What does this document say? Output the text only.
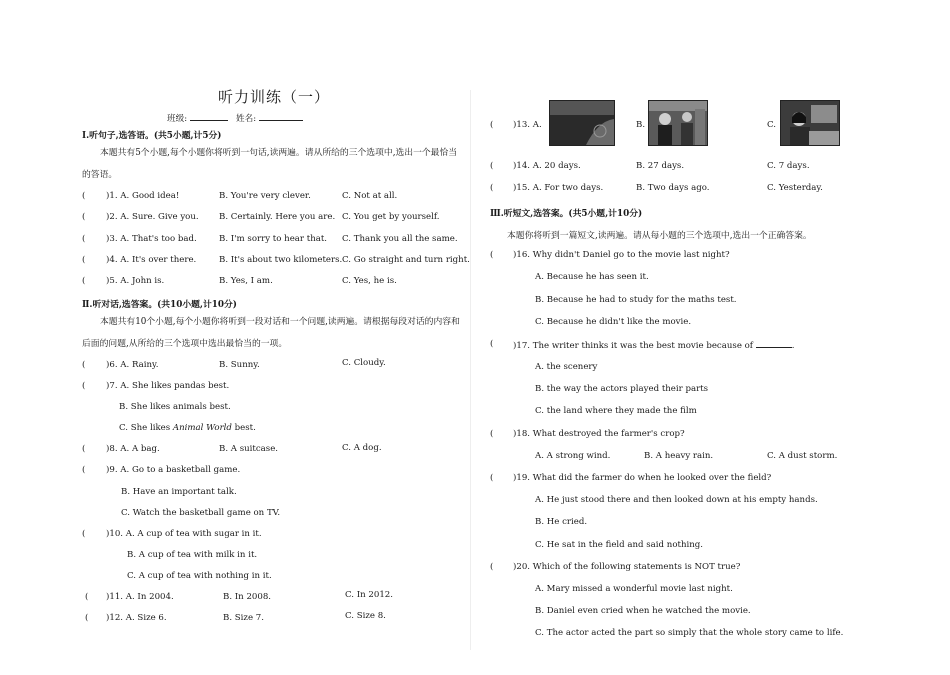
听力训练（一）
班级:	姓名:
Ⅰ.听句子,选答语。(共5小题,计5分)
本题共有5个小题,每个小题你将听到一句话,读两遍。请从所给的三个选项中,选出一个最恰当的答语。
( )1. A. Good idea!	B. You're very clever.	C. Not at all.
( )2. A. Sure. Give you. B. Certainly. Here you are. C. You get by yourself.
( )3. A. That's too bad.	B. I'm sorry to hear that. C. Thank you all the same.
( )4. A. It's over there.	B. It's about two kilometers. C. Go straight and turn right.
( )5. A. John is.	B. Yes, I am.	C. Yes, he is.
Ⅱ.听对话,选答案。(共10小题,计10分)
本题共有10个小题,每个小题你将听到一段对话和一个问题,读两遍。请根据每段对话的内容和后面的问题,从所给的三个选项中选出最恰当的一项。
( )6. A. Rainy.	B. Sunny.	C. Cloudy.
( )7. A. She likes pandas best.
B. She likes animals best.
C. She likes Animal World best.
( )8. A. A bag.	B. A suitcase.	C. A dog.
( )9. A. Go to a basketball game.
B. Have an important talk.
C. Watch the basketball game on TV.
( )10. A. A cup of tea with sugar in it.
B. A cup of tea with milk in it.
C. A cup of tea with nothing in it.
( )11. A. In 2004.	B. In 2008.	C. In 2012.
( )12. A. Size 6.	B. Size 7.	C. Size 8.
( )13. A.	B.	C.
( )14. A. 20 days.	B. 27 days.	C. 7 days.
( )15. A. For two days.	B. Two days ago.	C. Yesterday.
Ⅲ.听短文,选答案。(共5小题,计10分)
本题你将听到一篇短文,读两遍。请从每小题的三个选项中,选出一个正确答案。
( )16. Why didn't Daniel go to the movie last night?
A. Because he has seen it.
B. Because he had to study for the maths test.
C. Because he didn't like the movie.
( )17. The writer thinks it was the best movie because of	.
A. the scenery
B. the way the actors played their parts
C. the land where they made the film
( )18. What destroyed the farmer's crop?
A. A strong wind.	B. A heavy rain.	C. A dust storm.
( )19. What did the farmer do when he looked over the field?
A. He just stood there and then looked down at his empty hands.
B. He cried.
C. He sat in the field and said nothing.
( )20. Which of the following statements is NOT true?
A. Mary missed a wonderful movie last night.
B. Daniel even cried when he watched the movie.
C. The actor acted the part so simply that the whole story came to life.
